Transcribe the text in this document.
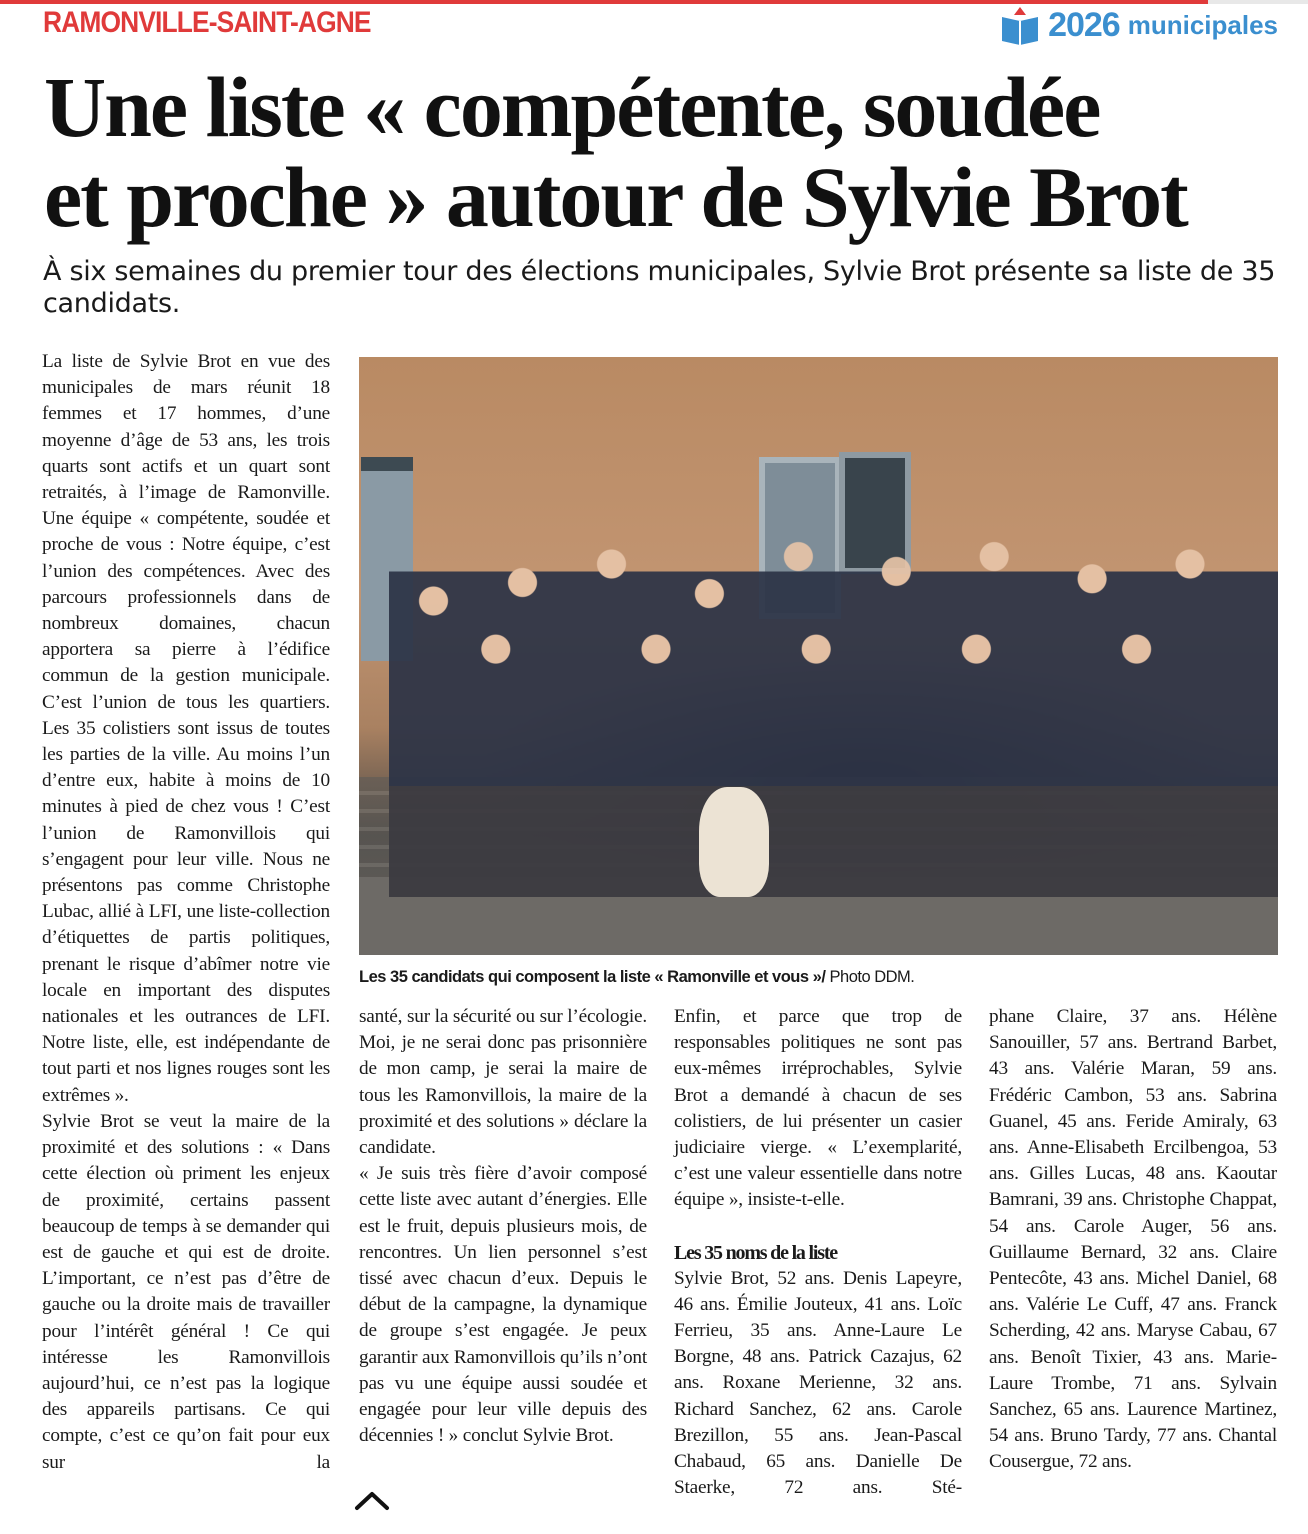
RAMONVILLE-SAINT-AGNE	2026 municipales
Une liste « compétente, soudée
et proche » autour de Sylvie Brot

À six semaines du premier tour des élections municipales, Sylvie Brot présente sa liste de 35 candidats.

La liste de Sylvie Brot en vue des municipales de mars réunit 18 femmes et 17 hommes, d’une moyenne d’âge de 53 ans, les trois quarts sont actifs et un quart sont retraités, à l’image de Ramonville. Une équipe « compétente, soudée et proche de vous : Notre équipe, c’est l’union des compétences. Avec des parcours professionnels dans de nombreux domaines, chacun apportera sa pierre à l’édifice commun de la gestion municipale. C’est l’union de tous les quartiers. Les 35 colistiers sont issus de toutes les parties de la ville. Au moins l’un d’entre eux, habite à moins de 10 minutes à pied de chez vous ! C’est l’union de Ramonvillois qui s’engagent pour leur ville. Nous ne présentons pas comme Christophe Lubac, allié à LFI, une liste-collection d’étiquettes de partis politiques, prenant le risque d’abîmer notre vie locale en important des disputes nationales et les outrances de LFI. Notre liste, elle, est indépendante de tout parti et nos lignes rouges sont les extrêmes ».

Sylvie Brot se veut la maire de la proximité et des solutions : « Dans cette élection où priment les enjeux de proximité, certains passent beaucoup de temps à se demander qui est de gauche et qui est de droite. L’important, ce n’est pas d’être de gauche ou la droite mais de travailler pour l’intérêt général ! Ce qui intéresse les Ramonvillois aujourd’hui, ce n’est pas la logique des appareils partisans. Ce qui compte, c’est ce qu’on fait pour eux sur la

Les 35 candidats qui composent la liste « Ramonville et vous »/ Photo DDM.

santé, sur la sécurité ou sur l’écologie. Moi, je ne serai donc pas prisonnière de mon camp, je serai la maire de tous les Ramonvillois, la maire de la proximité et des solutions » déclare la candidate.

« Je suis très fière d’avoir composé cette liste avec autant d’énergies. Elle est le fruit, depuis plusieurs mois, de rencontres. Un lien personnel s’est tissé avec chacun d’eux. Depuis le début de la campagne, la dynamique de groupe s’est engagée. Je peux garantir aux Ramonvillois qu’ils n’ont pas vu une équipe aussi soudée et engagée pour leur ville depuis des décennies ! » conclut Sylvie Brot.

Enfin, et parce que trop de responsables politiques ne sont pas eux-mêmes irréprochables, Sylvie Brot a demandé à chacun de ses colistiers, de lui présenter un casier judiciaire vierge. « L’exemplarité, c’est une valeur essentielle dans notre équipe », insiste-t-elle.

Les 35 noms de la liste

Sylvie Brot, 52 ans. Denis Lapeyre, 46 ans. Émilie Jouteux, 41 ans. Loïc Ferrieu, 35 ans. Anne-Laure Le Borgne, 48 ans. Patrick Cazajus, 62 ans. Roxane Merienne, 32 ans. Richard Sanchez, 62 ans. Carole Brezillon, 55 ans. Jean-Pascal Chabaud, 65 ans. Danielle De Staerke, 72 ans. Sté-

phane Claire, 37 ans. Hélène Sanouiller, 57 ans. Bertrand Barbet, 43 ans. Valérie Maran, 59 ans. Frédéric Cambon, 53 ans. Sabrina Guanel, 45 ans. Feride Amiraly, 63 ans. Anne-Elisabeth Ercilbengoa, 53 ans. Gilles Lucas, 48 ans. Kaoutar Bamrani, 39 ans. Christophe Chappat, 54 ans. Carole Auger, 56 ans. Guillaume Bernard, 32 ans. Claire Pentecôte, 43 ans. Michel Daniel, 68 ans. Valérie Le Cuff, 47 ans. Franck Scherding, 42 ans. Maryse Cabau, 67 ans. Benoît Tixier, 43 ans. Marie-Laure Trombe, 71 ans. Sylvain Sanchez, 65 ans. Laurence Martinez, 54 ans. Bruno Tardy, 77 ans. Chantal Cousergue, 72 ans.
